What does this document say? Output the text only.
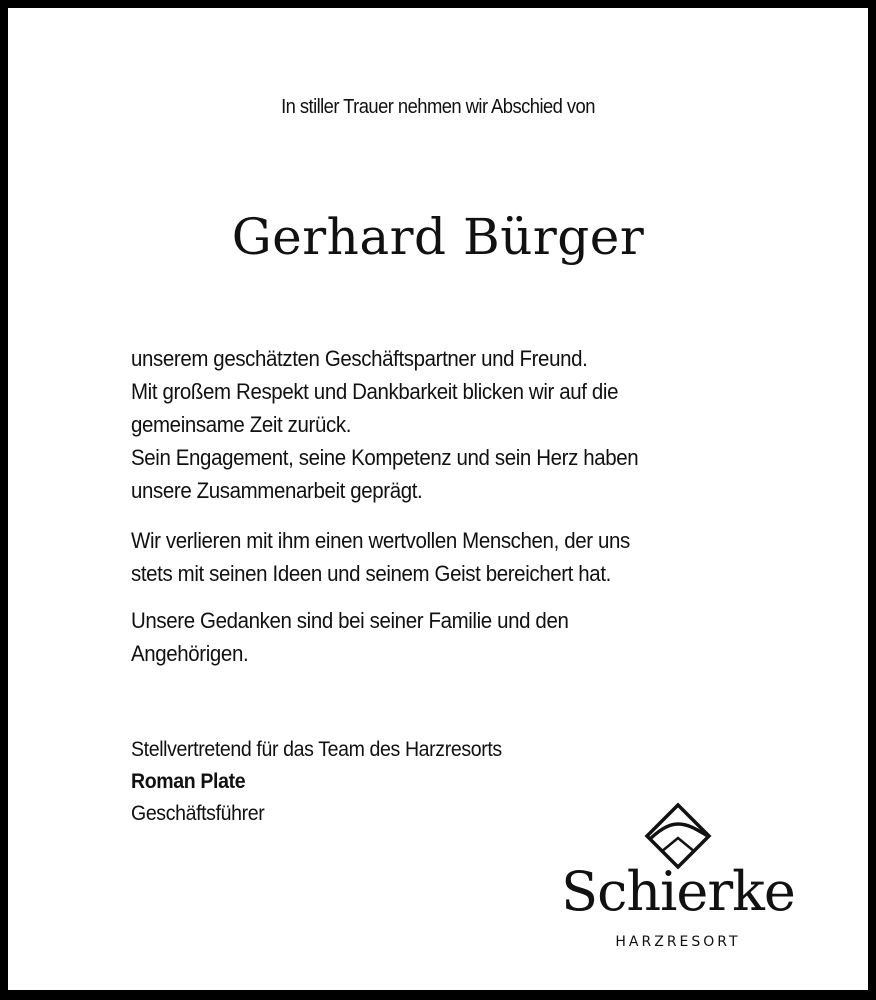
In stiller Trauer nehmen wir Abschied von
Gerhard Bürger
unserem geschätzten Geschäftspartner und Freund.
Mit großem Respekt und Dankbarkeit blicken wir auf die
gemeinsame Zeit zurück.
Sein Engagement, seine Kompetenz und sein Herz haben
unsere Zusammenarbeit geprägt.
Wir verlieren mit ihm einen wertvollen Menschen, der uns
stets mit seinen Ideen und seinem Geist bereichert hat.
Unsere Gedanken sind bei seiner Familie und den
Angehörigen.
Stellvertretend für das Team des Harzresorts
Roman Plate
Geschäftsführer
Schierke
HARZRESORT
